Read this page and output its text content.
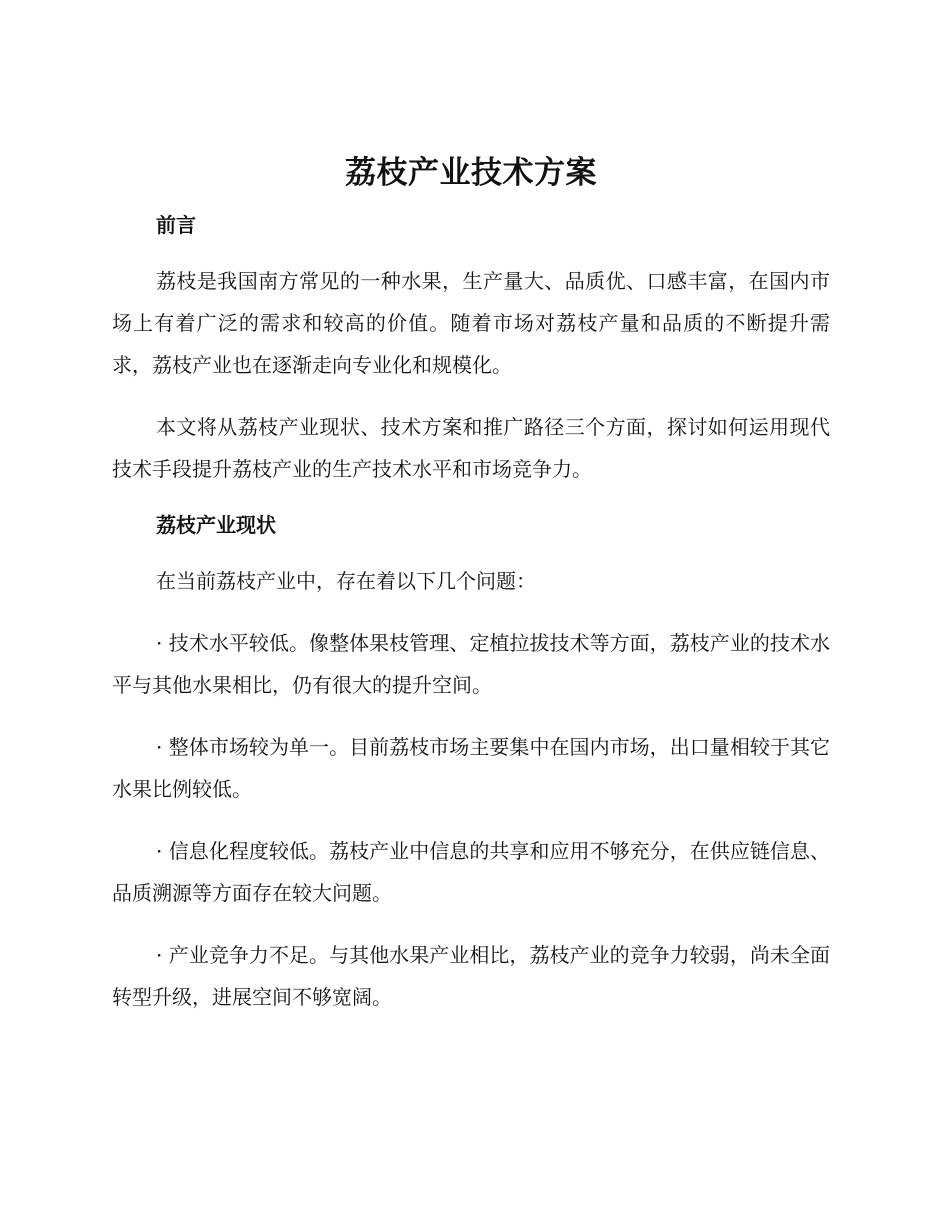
荔枝产业技术方案
前言

荔枝是我国南方常见的一种水果，生产量大、品质优、口感丰富，在国内市场上有着广泛的需求和较高的价值。随着市场对荔枝产量和品质的不断提升需求，荔枝产业也在逐渐走向专业化和规模化。

本文将从荔枝产业现状、技术方案和推广路径三个方面，探讨如何运用现代技术手段提升荔枝产业的生产技术水平和市场竞争力。

荔枝产业现状

在当前荔枝产业中，存在着以下几个问题：

· 技术水平较低。像整体果枝管理、定植拉拔技术等方面，荔枝产业的技术水平与其他水果相比，仍有很大的提升空间。

· 整体市场较为单一。目前荔枝市场主要集中在国内市场，出口量相较于其它水果比例较低。

· 信息化程度较低。荔枝产业中信息的共享和应用不够充分，在供应链信息、品质溯源等方面存在较大问题。

· 产业竞争力不足。与其他水果产业相比，荔枝产业的竞争力较弱，尚未全面转型升级，进展空间不够宽阔。
